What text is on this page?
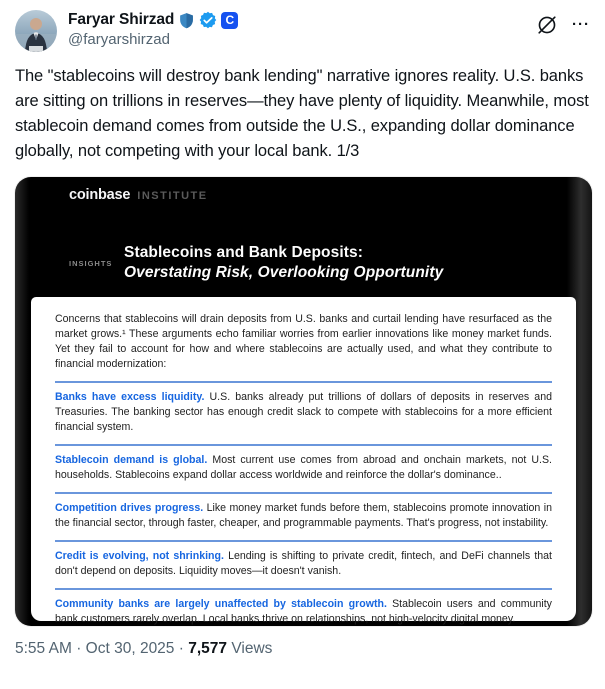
Faryar Shirzad	C
@faryarshirzad
···

The "stablecoins will destroy bank lending" narrative ignores reality. U.S. banks are sitting on trillions in reserves—they have plenty of liquidity. Meanwhile, most stablecoin demand comes from outside the U.S., expanding dollar dominance globally, not competing with your local bank. 1/3

coinbase INSTITUTE
INSIGHTS
Stablecoins and Bank Deposits:
Overstating Risk, Overlooking Opportunity

Concerns that stablecoins will drain deposits from U.S. banks and curtail lending have resurfaced as the market grows.¹ These arguments echo familiar worries from earlier innovations like money market funds. Yet they fail to account for how and where stablecoins are actually used, and what they contribute to financial modernization:

Banks have excess liquidity. U.S. banks already put trillions of dollars of deposits in reserves and Treasuries. The banking sector has enough credit slack to compete with stablecoins for a more efficient financial system.

Stablecoin demand is global. Most current use comes from abroad and onchain markets, not U.S. households. Stablecoins expand dollar access worldwide and reinforce the dollar's dominance..

Competition drives progress. Like money market funds before them, stablecoins promote innovation in the financial sector, through faster, cheaper, and programmable payments. That's progress, not instability.

Credit is evolving, not shrinking. Lending is shifting to private credit, fintech, and DeFi channels that don't depend on deposits. Liquidity moves—it doesn't vanish.

Community banks are largely unaffected by stablecoin growth. Stablecoin users and community bank customers rarely overlap. Local banks thrive on relationships, not high-velocity digital money.

5:55 AM · Oct 30, 2025 · 7,577 Views
